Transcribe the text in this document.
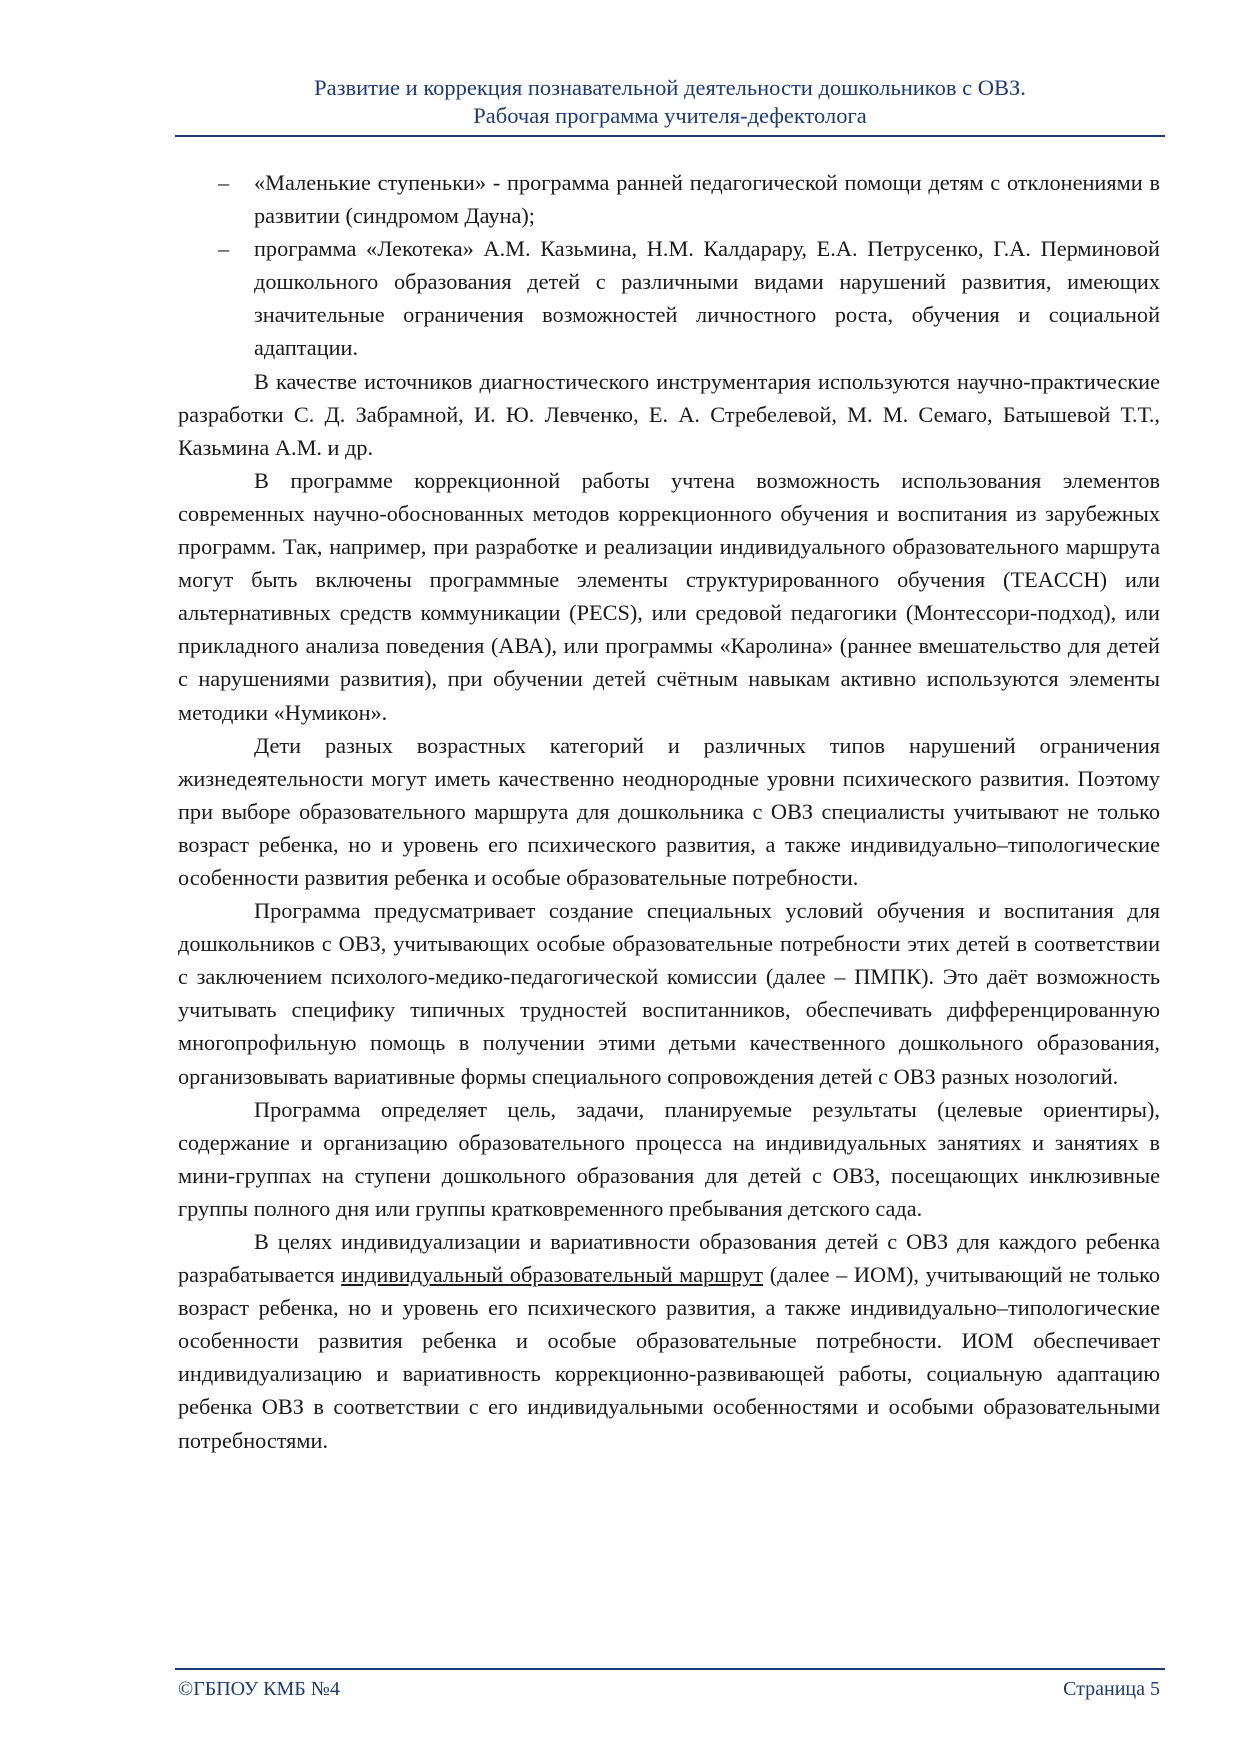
Развитие и коррекция познавательной деятельности дошкольников с ОВЗ.
Рабочая программа учителя-дефектолога
– «Маленькие ступеньки» - программа ранней педагогической помощи детям с отклонениями в развитии (синдромом Дауна);
– программа «Лекотека» А.М. Казьмина, Н.М. Калдарару, Е.А. Петрусенко, Г.А. Перминовой дошкольного образования детей с различными видами нарушений развития, имеющих значительные ограничения возможностей личностного роста, обучения и социальной адаптации.

В качестве источников диагностического инструментария используются научно-практические разработки С. Д. Забрамной, И. Ю. Левченко, Е. А. Стребелевой, М. М. Семаго, Батышевой Т.Т., Казьмина А.М. и др.

В программе коррекционной работы учтена возможность использования элементов современных научно-обоснованных методов коррекционного обучения и воспитания из зарубежных программ. Так, например, при разработке и реализации индивидуального образовательного маршрута могут быть включены программные элементы структурированного обучения (TEACCH) или альтернативных средств коммуникации (PECS), или средовой педагогики (Монтессори-подход), или прикладного анализа поведения (АВА), или программы «Каролина» (раннее вмешательство для детей с нарушениями развития), при обучении детей счётным навыкам активно используются элементы методики «Нумикон».

Дети разных возрастных категорий и различных типов нарушений ограничения жизнедеятельности могут иметь качественно неоднородные уровни психического развития. Поэтому при выборе образовательного маршрута для дошкольника с ОВЗ специалисты учитывают не только возраст ребенка, но и уровень его психического развития, а также индивидуально–типологические особенности развития ребенка и особые образовательные потребности.

Программа предусматривает создание специальных условий обучения и воспитания для дошкольников с ОВЗ, учитывающих особые образовательные потребности этих детей в соответствии с заключением психолого-медико-педагогической комиссии (далее – ПМПК). Это даёт возможность учитывать специфику типичных трудностей воспитанников, обеспечивать дифференцированную многопрофильную помощь в получении этими детьми качественного дошкольного образования, организовывать вариативные формы специального сопровождения детей с ОВЗ разных нозологий.

Программа определяет цель, задачи, планируемые результаты (целевые ориентиры), содержание и организацию образовательного процесса на индивидуальных занятиях и занятиях в мини-группах на ступени дошкольного образования для детей с ОВЗ, посещающих инклюзивные группы полного дня или группы кратковременного пребывания детского сада.

В целях индивидуализации и вариативности образования детей с ОВЗ для каждого ребенка разрабатывается индивидуальный образовательный маршрут (далее – ИОМ), учитывающий не только возраст ребенка, но и уровень его психического развития, а также индивидуально–типологические особенности развития ребенка и особые образовательные потребности. ИОМ обеспечивает индивидуализацию и вариативность коррекционно-развивающей работы, социальную адаптацию ребенка ОВЗ в соответствии с его индивидуальными особенностями и особыми образовательными потребностями.

©ГБПОУ КМБ №4	Страница 5
